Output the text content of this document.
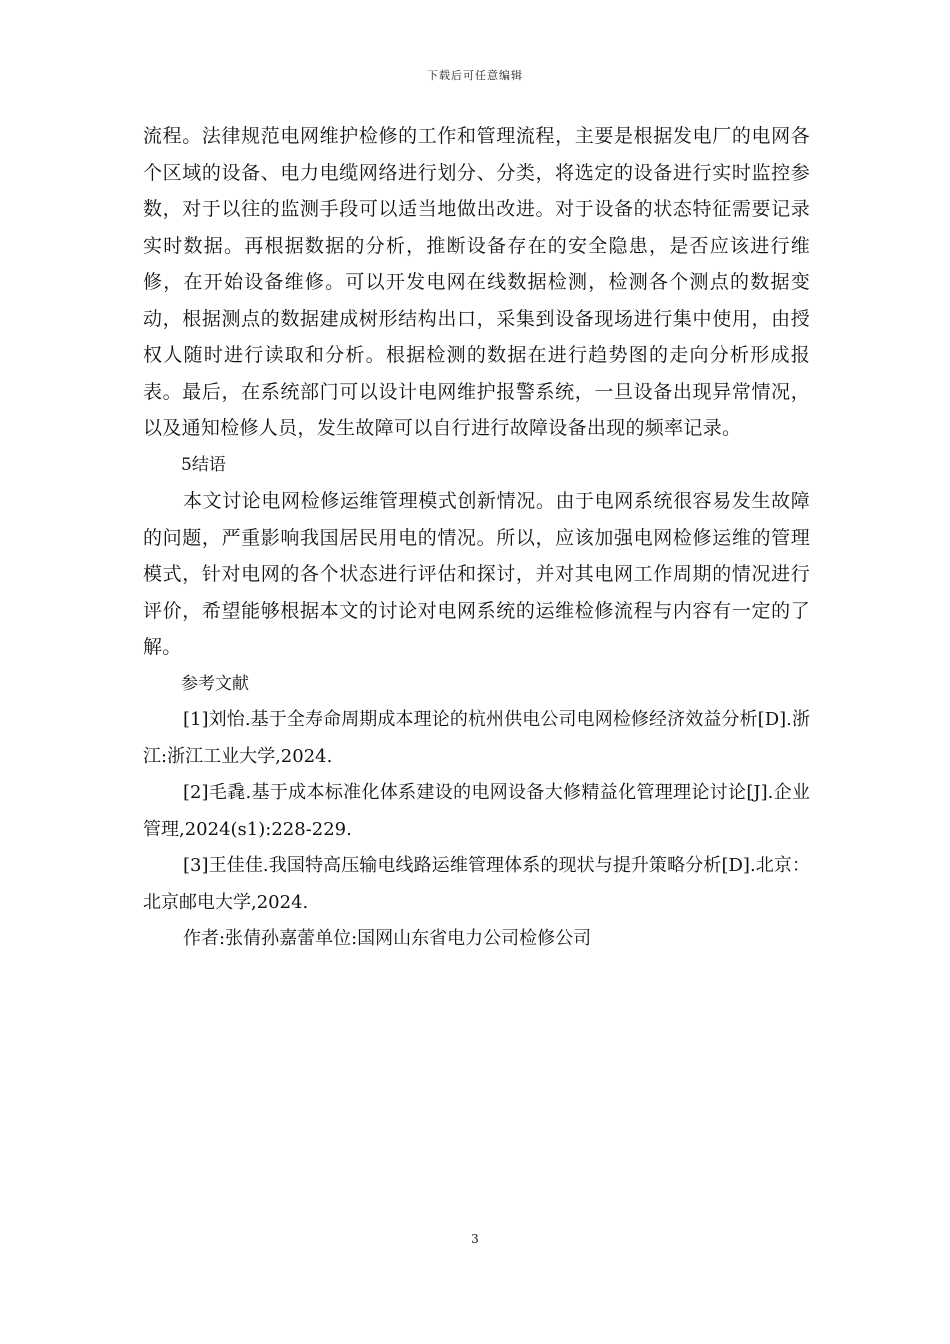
下载后可任意编辑

流程。法律规范电网维护检修的工作和管理流程，主要是根据发电厂的电网各个区域的设备、电力电缆网络进行划分、分类，将选定的设备进行实时监控参数，对于以往的监测手段可以适当地做出改进。对于设备的状态特征需要记录实时数据。再根据数据的分析，推断设备存在的安全隐患，是否应该进行维修，在开始设备维修。可以开发电网在线数据检测，检测各个测点的数据变动，根据测点的数据建成树形结构出口，采集到设备现场进行集中使用，由授权人随时进行读取和分析。根据检测的数据在进行趋势图的走向分析形成报表。最后，在系统部门可以设计电网维护报警系统，一旦设备出现异常情况，以及通知检修人员，发生故障可以自行进行故障设备出现的频率记录。

5结语

本文讨论电网检修运维管理模式创新情况。由于电网系统很容易发生故障的问题，严重影响我国居民用电的情况。所以，应该加强电网检修运维的管理模式，针对电网的各个状态进行评估和探讨，并对其电网工作周期的情况进行评价，希望能够根据本文的讨论对电网系统的运维检修流程与内容有一定的了解。

参考文献

[1]刘怡.基于全寿命周期成本理论的杭州供电公司电网检修经济效益分析[D].浙江:浙江工业大学,2024.

[2]毛毳.基于成本标准化体系建设的电网设备大修精益化管理理论讨论[J].企业管理,2024(s1):228-229.

[3]王佳佳.我国特高压输电线路运维管理体系的现状与提升策略分析[D].北京：北京邮电大学,2024.

作者:张倩孙嘉蕾单位:国网山东省电力公司检修公司

3
